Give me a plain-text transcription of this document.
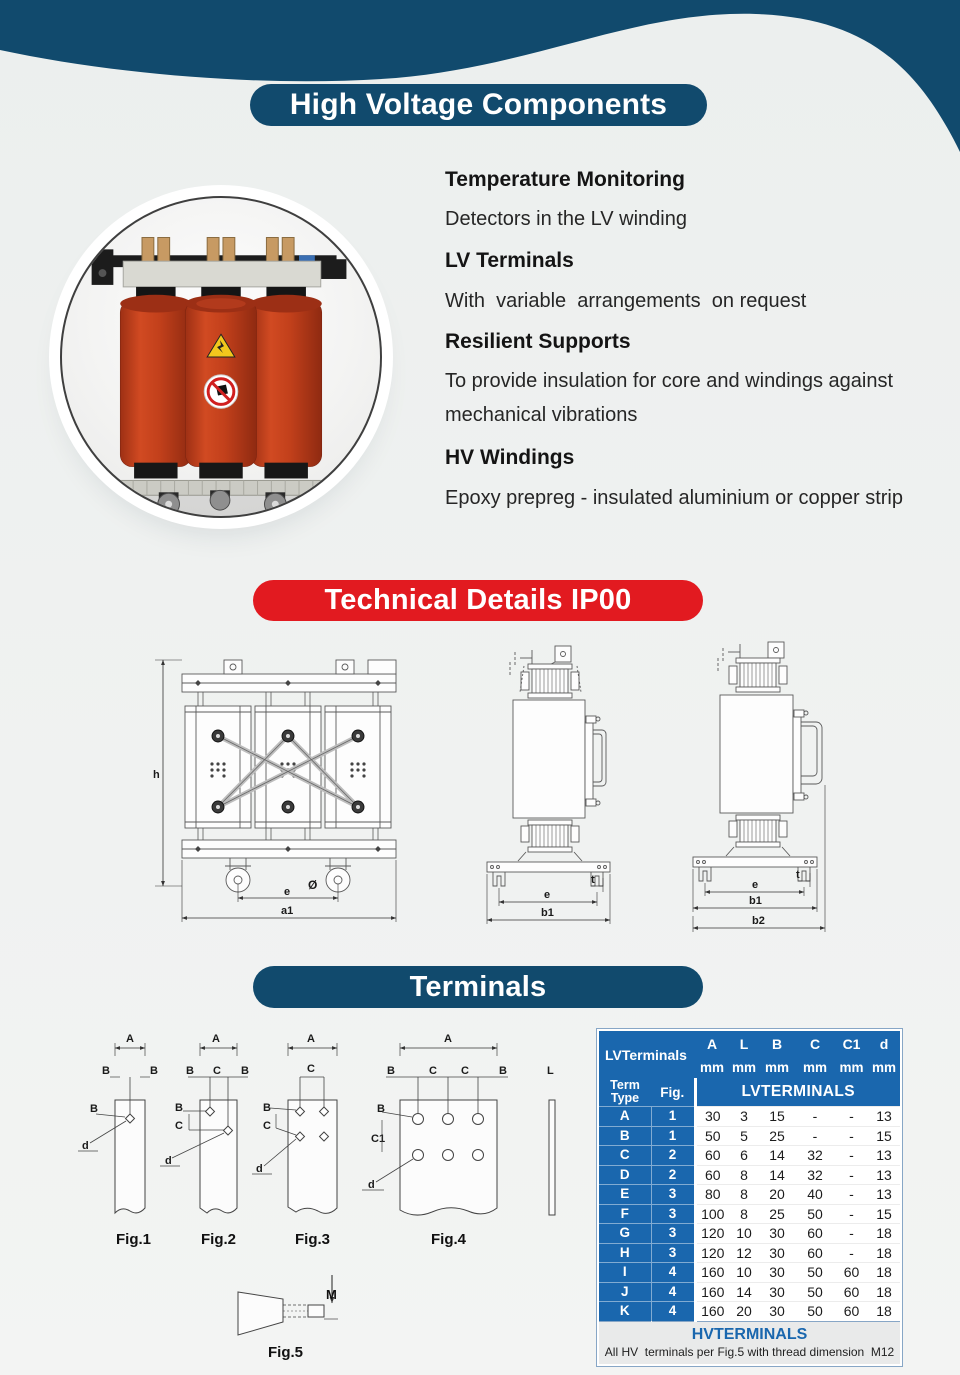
High Voltage Components
Temperature Monitoring

Detectors in the LV winding

LV Terminals

With  variable  arrangements  on request

Resilient Supports

To provide insulation for core and windings against mechanical vibrations

HV Windings

Epoxy prepreg - insulated aluminium or copper strip

Technical Details IP00
h
Ø
e
a1
t
e
b1
t
e
b1
b2
Terminals
A
B	B
B
d
A
B C B
B
C
d
A
C
B
C
d
A
B	C C	B
B
C1
d
L
Fig.1	Fig.2	Fig.3	Fig.4
M
Fig.5
LVTerminals		A	L	B	C	C1	d
		mm	mm	mm	mm	mm	mm
Term Type	Fig.	LVTERMINALS					
A	1	30	3	15	-	-	13
B	1	50	5	25	-	-	15
C	2	60	6	14	32	-	13
D	2	60	8	14	32	-	13
E	3	80	8	20	40	-	13
F	3	100	8	25	50	-	15
G	3	120	10	30	60	-	18
H	3	120	12	30	60	-	18
I	4	160	10	30	50	60	18
J	4	160	14	30	50	60	18
K	4	160	20	30	50	60	18

HVTERMINALS
All HV  terminals per Fig.5 with thread dimension  M12							
